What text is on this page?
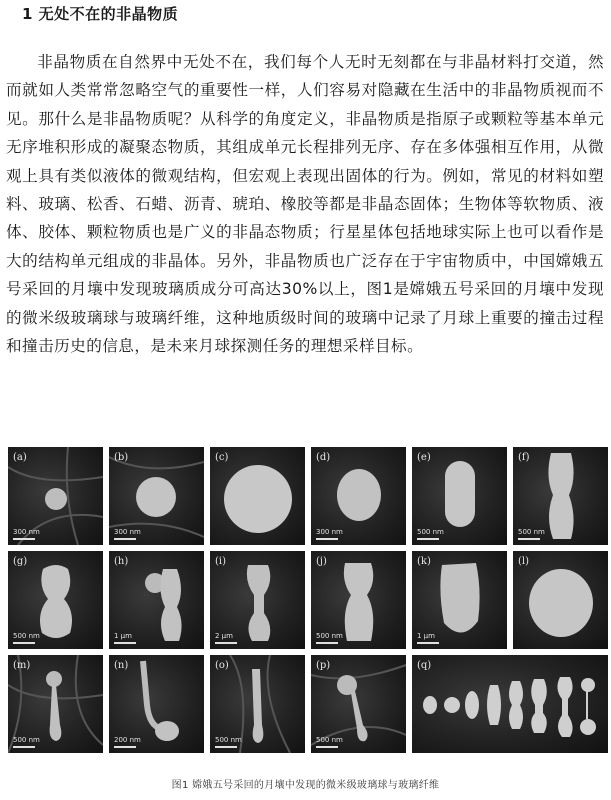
1 无处不在的非晶物质

非晶物质在自然界中无处不在，我们每个人无时无刻都在与非晶材料打交道，然而就如人类常常忽略空气的重要性一样，人们容易对隐藏在生活中的非晶物质视而不见。那什么是非晶物质呢？从科学的角度定义，非晶物质是指原子或颗粒等基本单元无序堆积形成的凝聚态物质，其组成单元长程排列无序、存在多体强相互作用，从微观上具有类似液体的微观结构，但宏观上表现出固体的行为。例如，常见的材料如塑料、玻璃、松香、石蜡、沥青、琥珀、橡胶等都是非晶态固体；生物体等软物质、液体、胶体、颗粒物质也是广义的非晶态物质；行星星体包括地球实际上也可以看作是大的结构单元组成的非晶体。另外，非晶物质也广泛存在于宇宙物质中，中国嫦娥五号采回的月壤中发现玻璃质成分可高达30%以上，图1是嫦娥五号采回的月壤中发现的微米级玻璃球与玻璃纤维，这种地质级时间的玻璃中记录了月球上重要的撞击过程和撞击历史的信息，是未来月球探测任务的理想采样目标。

(a)
300 nm
(b)
300 nm
(c)	(d)
300 nm
(e)
500 nm
(f)
500 nm
(g)
500 nm
(h)
1 μm
(i)
2 μm
(j)
500 nm
(k)
1 μm
(l)
(m)
500 nm
(n)
200 nm
(o)
500 nm
(p)
500 nm
(q)
图1 嫦娥五号采回的月壤中发现的微米级玻璃球与玻璃纤维
